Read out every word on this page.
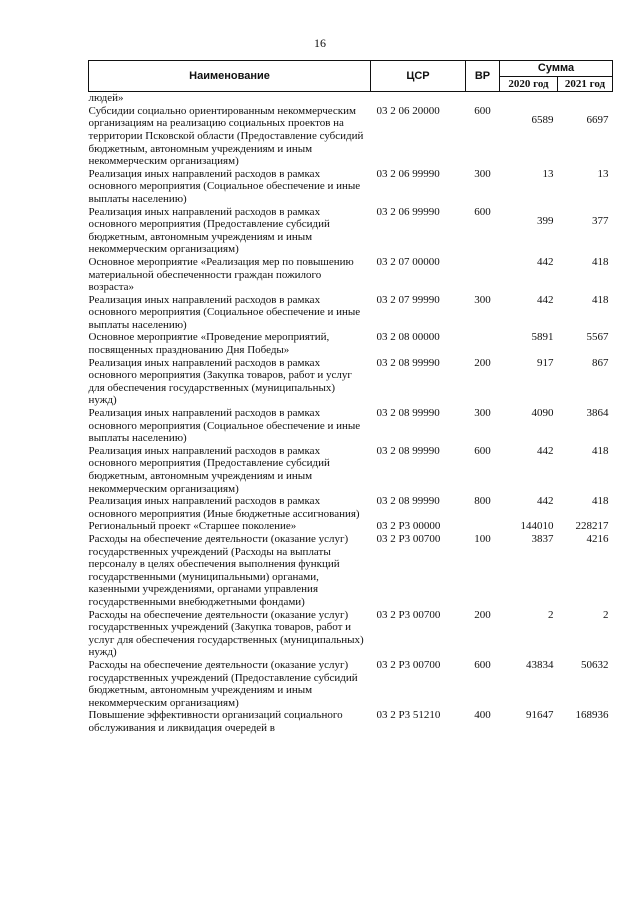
16
Наименование	ЦСР	ВР	Сумма	
			2020 год	2021 год
людей»				
Субсидии социально ориентированным некоммерческим организациям на реализацию социальных проектов на территории Псковской области (Предоставление субсидий бюджетным, автономным учреждениям и иным некоммерческим организациям)	03 2 06 20000	600	6589	6697
Реализация иных направлений расходов в рамках основного мероприятия (Социальное обеспечение и иные выплаты населению)	03 2 06 99990	300	13	13
Реализация иных направлений расходов в рамках основного мероприятия (Предоставление субсидий бюджетным, автономным учреждениям и иным некоммерческим организациям)	03 2 06 99990	600	399	377
Основное мероприятие «Реализация мер по повышению материальной обеспеченности граждан пожилого возраста»	03 2 07 00000		442	418
Реализация иных направлений расходов в рамках основного мероприятия (Социальное обеспечение и иные выплаты населению)	03 2 07 99990	300	442	418
Основное мероприятие «Проведение мероприятий, посвященных празднованию Дня Победы»	03 2 08 00000		5891	5567
Реализация иных направлений расходов в рамках основного мероприятия (Закупка товаров, работ и услуг для обеспечения государственных (муниципальных) нужд)	03 2 08 99990	200	917	867
Реализация иных направлений расходов в рамках основного мероприятия (Социальное обеспечение и иные выплаты населению)	03 2 08 99990	300	4090	3864
Реализация иных направлений расходов в рамках основного мероприятия (Предоставление субсидий бюджетным, автономным учреждениям и иным некоммерческим организациям)	03 2 08 99990	600	442	418
Реализация иных направлений расходов в рамках основного мероприятия (Иные бюджетные ассигнования)	03 2 08 99990	800	442	418
Региональный проект «Старшее поколение»	03 2 P3 00000		144010	228217
Расходы на обеспечение деятельности (оказание услуг) государственных учреждений (Расходы на выплаты персоналу в целях обеспечения выполнения функций государственными (муниципальными) органами, казенными учреждениями, органами управления государственными внебюджетными фондами)	03 2 P3 00700	100	3837	4216
Расходы на обеспечение деятельности (оказание услуг) государственных учреждений (Закупка товаров, работ и услуг для обеспечения государственных (муниципальных) нужд)	03 2 P3 00700	200	2	2
Расходы на обеспечение деятельности (оказание услуг) государственных учреждений (Предоставление субсидий бюджетным, автономным учреждениям и иным некоммерческим организациям)	03 2 P3 00700	600	43834	50632
Повышение эффективности организаций социального обслуживания и ликвидация очередей в	03 2 P3 51210	400	91647	168936
